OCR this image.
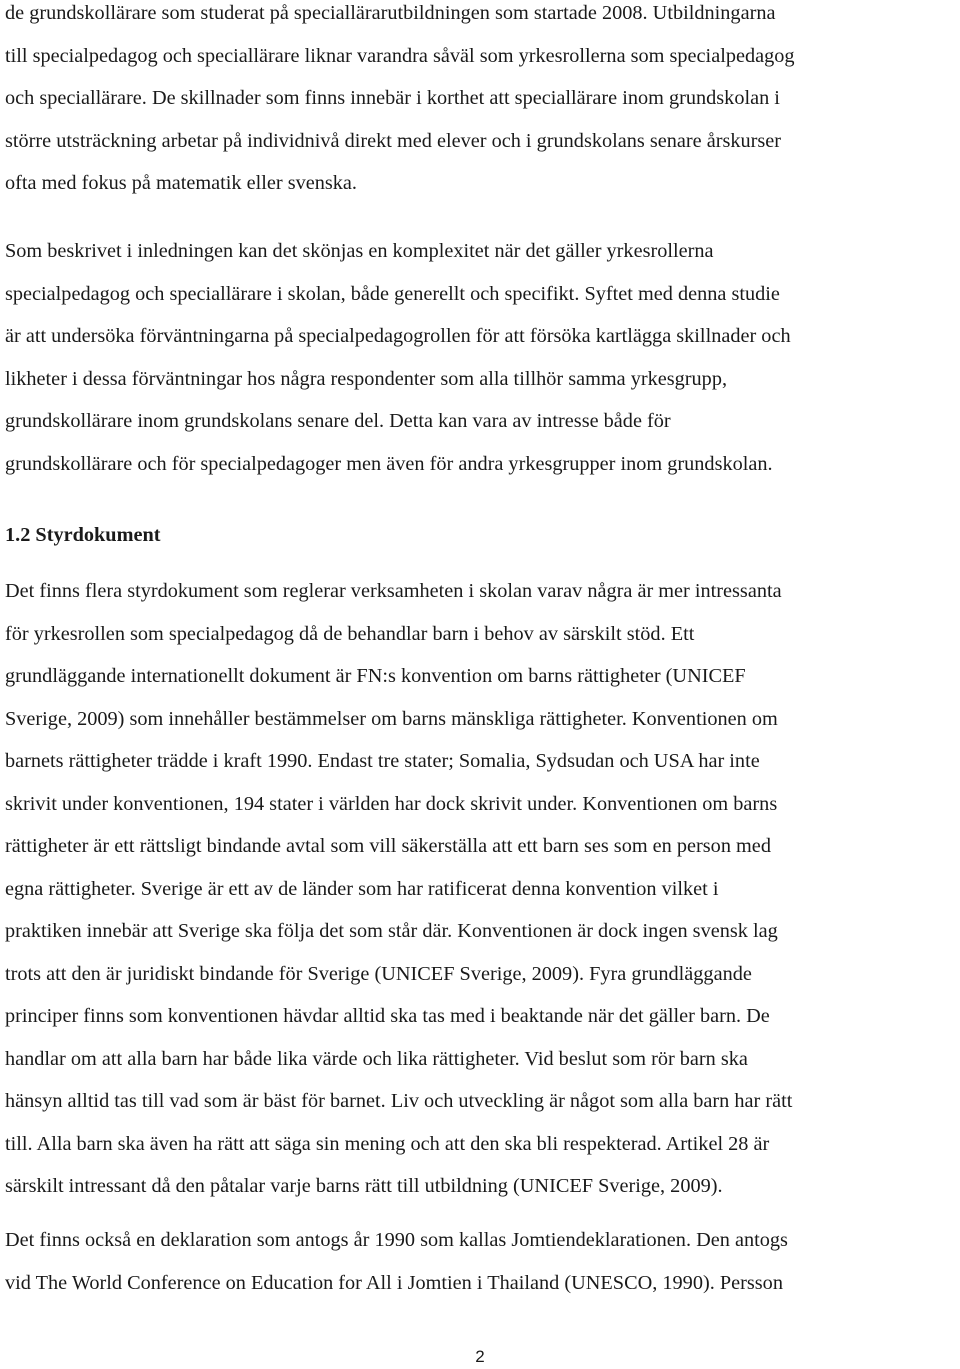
de grundskollärare som studerat på speciallärarutbildningen som startade 2008. Utbildningarna
till specialpedagog och speciallärare liknar varandra såväl som yrkesrollerna som specialpedagog
och speciallärare. De skillnader som finns innebär i korthet att speciallärare inom grundskolan i
större utsträckning arbetar på individnivå direkt med elever och i grundskolans senare årskurser
ofta med fokus på matematik eller svenska.

Som beskrivet i inledningen kan det skönjas en komplexitet när det gäller yrkesrollerna
specialpedagog och speciallärare i skolan, både generellt och specifikt. Syftet med denna studie
är att undersöka förväntningarna på specialpedagogrollen för att försöka kartlägga skillnader och
likheter i dessa förväntningar hos några respondenter som alla tillhör samma yrkesgrupp,
grundskollärare inom grundskolans senare del. Detta kan vara av intresse både för
grundskollärare och för specialpedagoger men även för andra yrkesgrupper inom grundskolan.

1.2 Styrdokument

Det finns flera styrdokument som reglerar verksamheten i skolan varav några är mer intressanta
för yrkesrollen som specialpedagog då de behandlar barn i behov av särskilt stöd. Ett
grundläggande internationellt dokument är FN:s konvention om barns rättigheter (UNICEF
Sverige, 2009) som innehåller bestämmelser om barns mänskliga rättigheter. Konventionen om
barnets rättigheter trädde i kraft 1990. Endast tre stater; Somalia, Sydsudan och USA har inte
skrivit under konventionen, 194 stater i världen har dock skrivit under. Konventionen om barns
rättigheter är ett rättsligt bindande avtal som vill säkerställa att ett barn ses som en person med
egna rättigheter. Sverige är ett av de länder som har ratificerat denna konvention vilket i
praktiken innebär att Sverige ska följa det som står där. Konventionen är dock ingen svensk lag
trots att den är juridiskt bindande för Sverige (UNICEF Sverige, 2009). Fyra grundläggande
principer finns som konventionen hävdar alltid ska tas med i beaktande när det gäller barn. De
handlar om att alla barn har både lika värde och lika rättigheter. Vid beslut som rör barn ska
hänsyn alltid tas till vad som är bäst för barnet. Liv och utveckling är något som alla barn har rätt
till. Alla barn ska även ha rätt att säga sin mening och att den ska bli respekterad. Artikel 28 är
särskilt intressant då den påtalar varje barns rätt till utbildning (UNICEF Sverige, 2009).

Det finns också en deklaration som antogs år 1990 som kallas Jomtiendeklarationen. Den antogs
vid The World Conference on Education for All i Jomtien i Thailand (UNESCO, 1990). Persson

2
